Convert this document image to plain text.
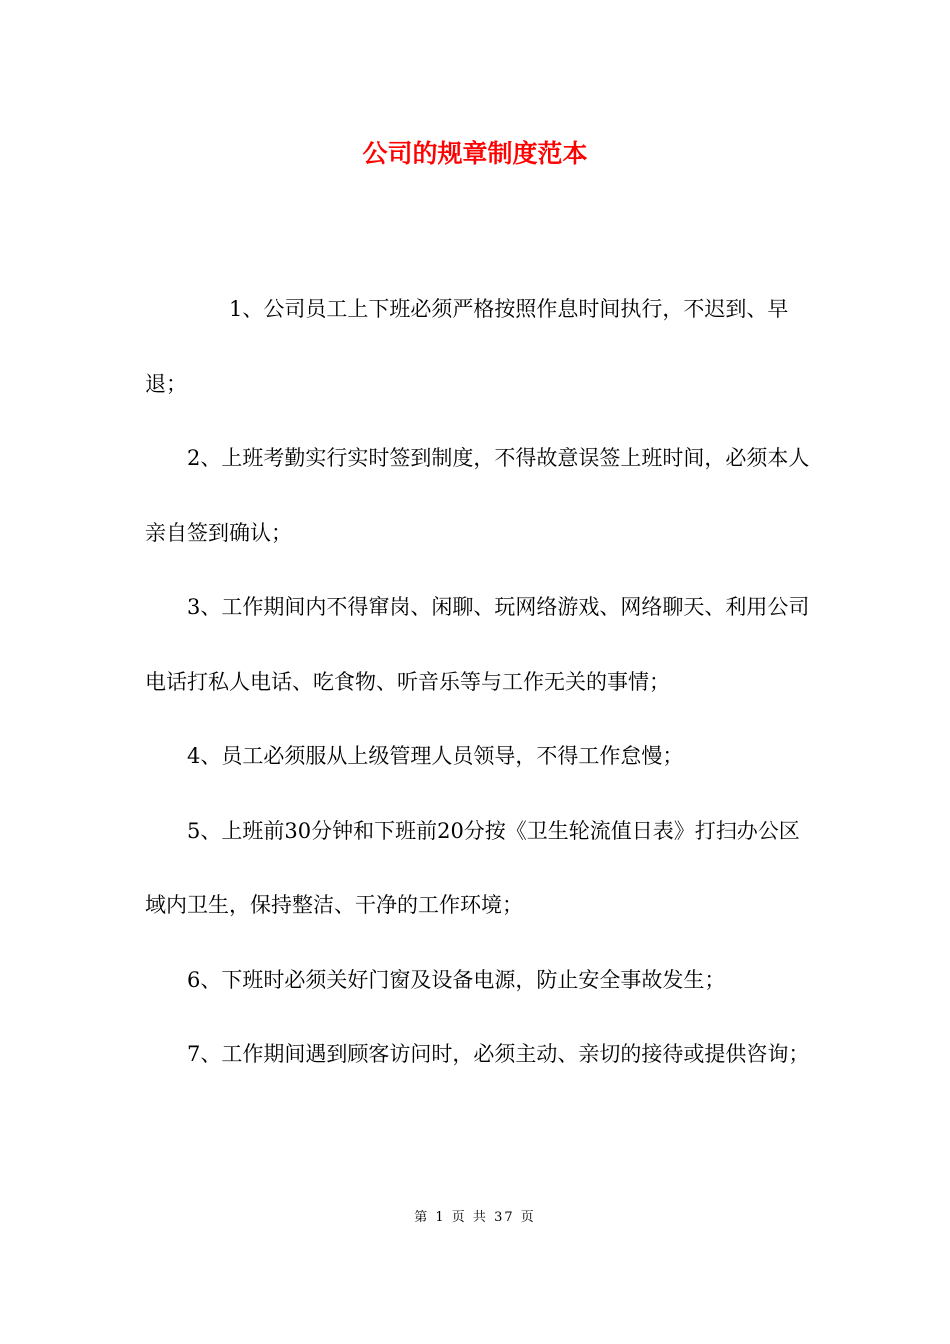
公司的规章制度范本

1、公司员工上下班必须严格按照作息时间执行，不迟到、早退；

2、上班考勤实行实时签到制度，不得故意误签上班时间，必须本人亲自签到确认；

3、工作期间内不得窜岗、闲聊、玩网络游戏、网络聊天、利用公司电话打私人电话、吃食物、听音乐等与工作无关的事情；

4、员工必须服从上级管理人员领导，不得工作怠慢；

5、上班前30分钟和下班前20分按《卫生轮流值日表》打扫办公区域内卫生，保持整洁、干净的工作环境；

6、下班时必须关好门窗及设备电源，防止安全事故发生；

7、工作期间遇到顾客访问时，必须主动、亲切的接待或提供咨询；

第 1 页 共 37 页
